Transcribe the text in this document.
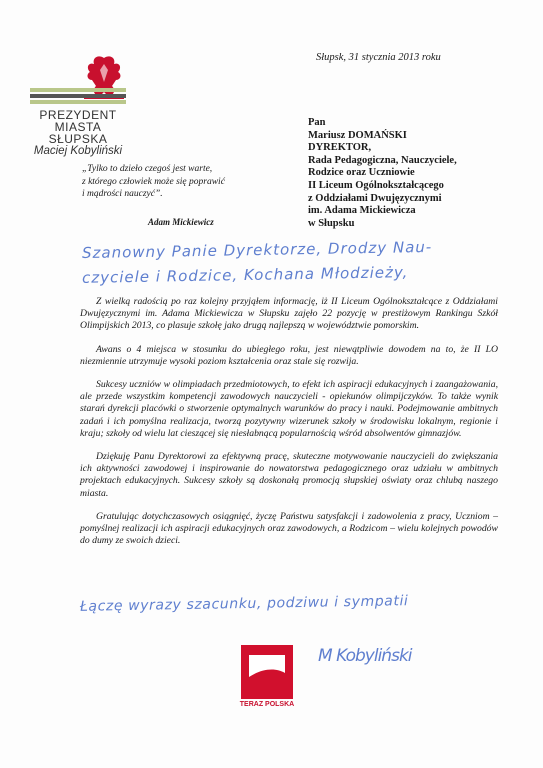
PREZYDENT
MIASTA SŁUPSKA
Maciej Kobyliński
Słupsk, 31 stycznia 2013 roku
Pan
Mariusz DOMAŃSKI
DYREKTOR,
Rada Pedagogiczna, Nauczyciele,
Rodzice oraz Uczniowie
II Liceum Ogólnokształcącego
z Oddziałami Dwujęzycznymi
im. Adama Mickiewicza
w Słupsku
„Tylko to dzieło czegoś jest warte,
z którego człowiek może się poprawić
i mądrości nauczyć”.
Adam Mickiewicz
Szanowny Panie Dyrektorze, Drodzy Nau-
czyciele i Rodzice, Kochana Młodzieży,

Z wielką radością po raz kolejny przyjąłem informację, iż II Liceum Ogólnokształcące z Oddziałami Dwujęzycznymi im. Adama Mickiewicza w Słupsku zajęło 22 pozycję w prestiżowym Rankingu Szkół Olimpijskich 2013, co plasuje szkołę jako drugą najlepszą w województwie pomorskim.

Awans o 4 miejsca w stosunku do ubiegłego roku, jest niewątpliwie dowodem na to, że II LO niezmiennie utrzymuje wysoki poziom kształcenia oraz stale się rozwija.

Sukcesy uczniów w olimpiadach przedmiotowych, to efekt ich aspiracji edukacyjnych i zaangażowania, ale przede wszystkim kompetencji zawodowych nauczycieli - opiekunów olimpijczyków. To także wynik starań dyrekcji placówki o stworzenie optymalnych warunków do pracy i nauki. Podejmowanie ambitnych zadań i ich pomyślna realizacja, tworzą pozytywny wizerunek szkoły w środowisku lokalnym, regionie i kraju; szkoły od wielu lat cieszącej się niesłabnącą popularnością wśród absolwentów gimnazjów.

Dziękuję Panu Dyrektorowi za efektywną pracę, skuteczne motywowanie nauczycieli do zwiększania ich aktywności zawodowej i inspirowanie do nowatorstwa pedagogicznego oraz udziału w ambitnych projektach edukacyjnych. Sukcesy szkoły są doskonałą promocją słupskiej oświaty oraz chlubą naszego miasta.

Gratulując dotychczasowych osiągnięć, życzę Państwu satysfakcji i zadowolenia z pracy, Uczniom – pomyślnej realizacji ich aspiracji edukacyjnych oraz zawodowych, a Rodzicom – wielu kolejnych powodów do dumy ze swoich dzieci.

Łączę wyrazy szacunku, podziwu i sympatii
TERAZ POLSKA
M Kobyliński
